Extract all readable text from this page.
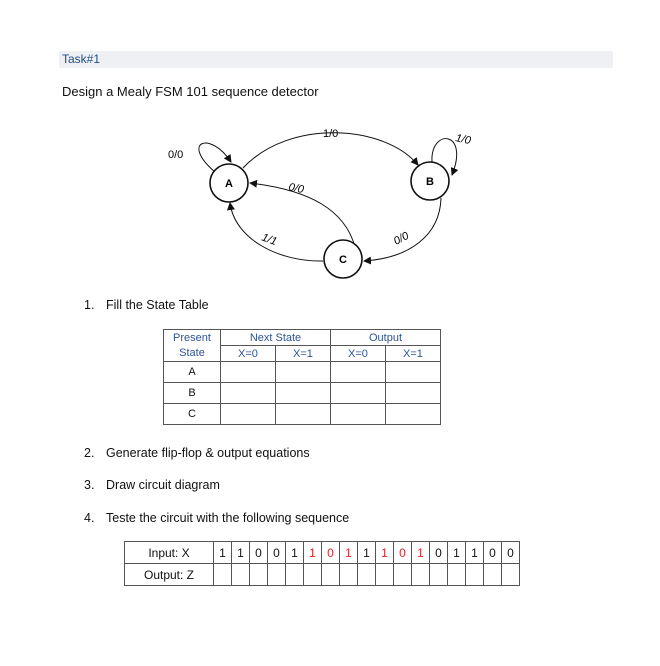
Task#1
Design a Mealy FSM 101 sequence detector
A	B
C
0/0
1/0	1/0
0/0
1/1	0/0
1. Fill the State Table
Present	Next State		Output	
State	X=0	X=1	X=0	X=1
A				
B				
C				
2. Generate flip-flop & output equations
3. Draw circuit diagram
4. Teste the circuit with the following sequence
Input: X	1	1	0	0	1	1	0	1	1	1	0	1	0	1	1	0	0
Output: Z																	
